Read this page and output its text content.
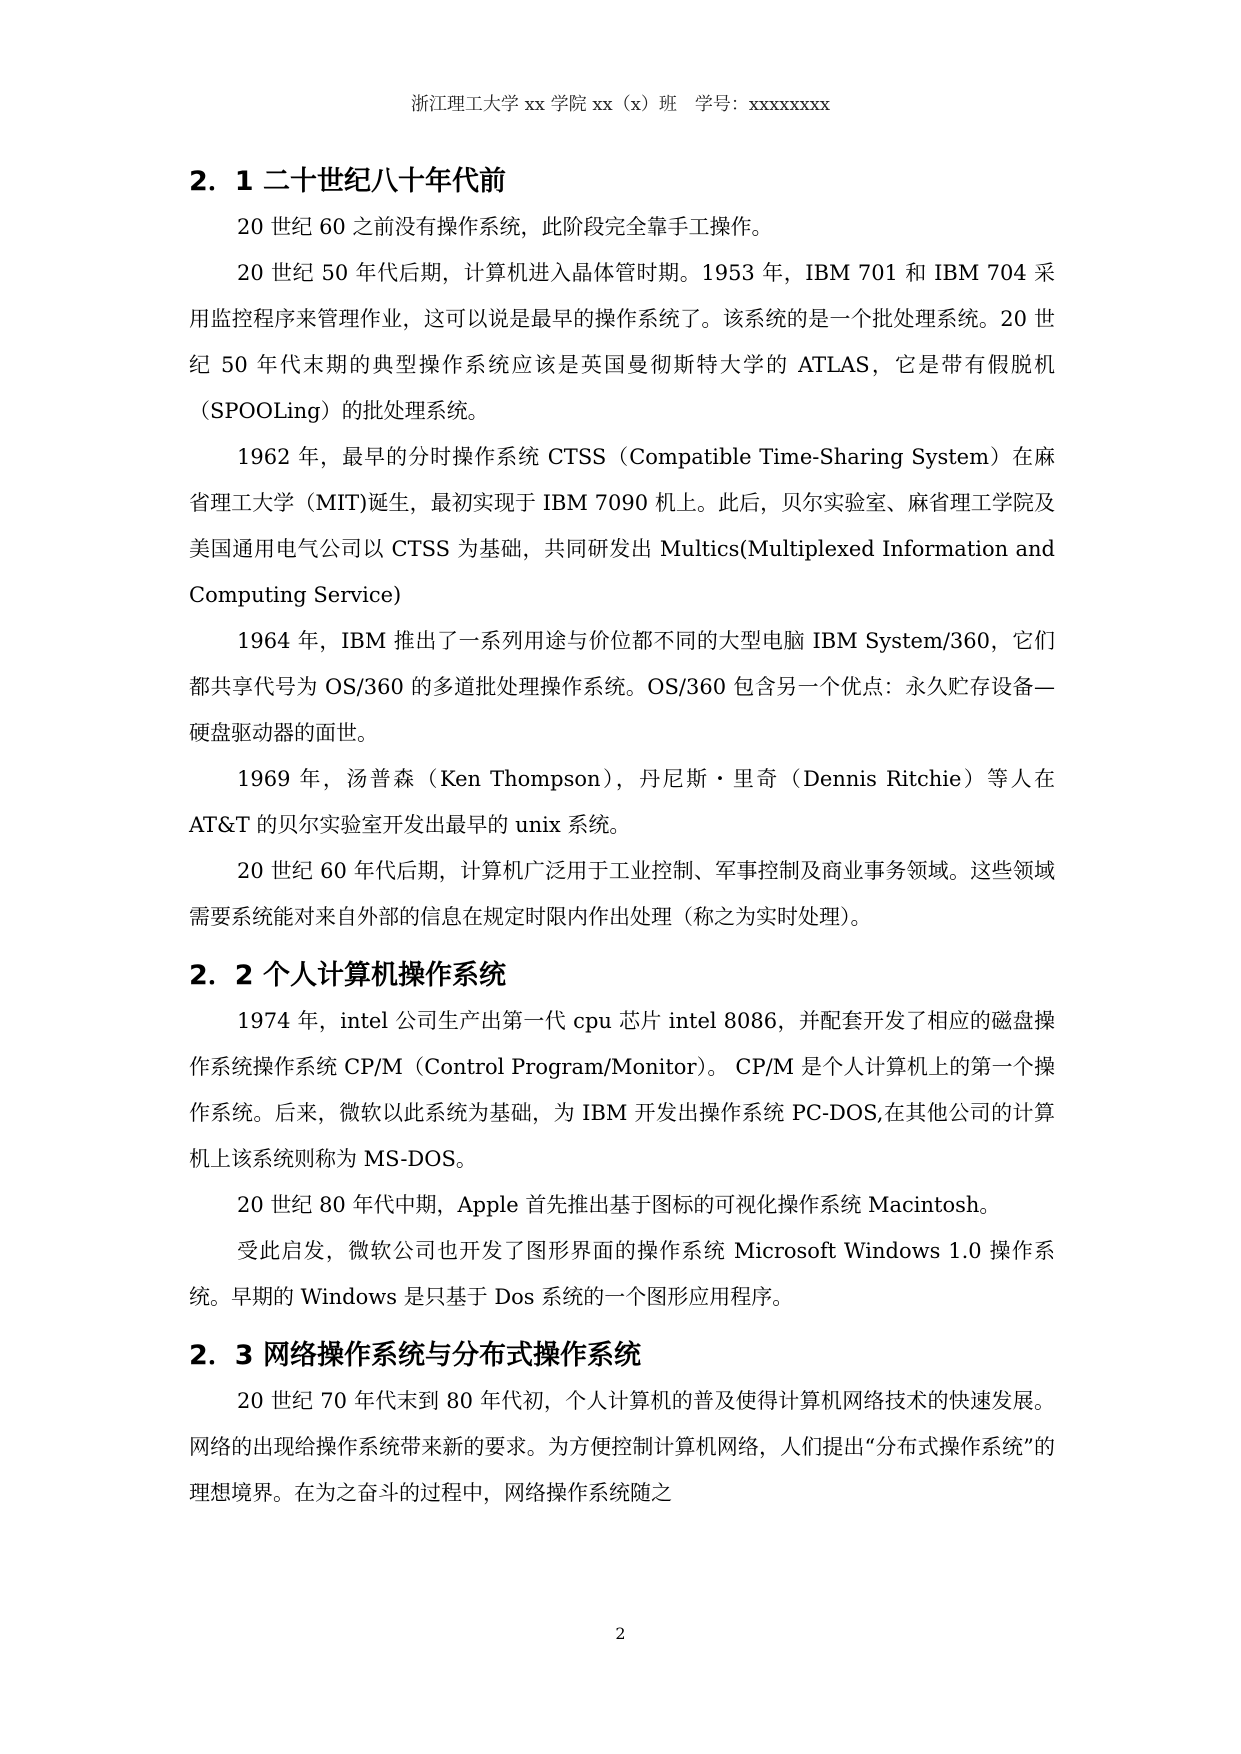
浙江理工大学 xx 学院 xx（x）班　学号：xxxxxxxx
2．1 二十世纪八十年代前

20 世纪 60 之前没有操作系统，此阶段完全靠手工操作。

20 世纪 50 年代后期，计算机进入晶体管时期。1953 年，IBM 701 和 IBM 704 采用监控程序来管理作业，这可以说是最早的操作系统了。该系统的是一个批处理系统。20 世纪 50 年代末期的典型操作系统应该是英国曼彻斯特大学的 ATLAS，它是带有假脱机（SPOOLing）的批处理系统。

1962 年，最早的分时操作系统 CTSS（Compatible Time-Sharing System）在麻省理工大学（MIT)诞生，最初实现于 IBM 7090 机上。此后，贝尔实验室、麻省理工学院及美国通用电气公司以 CTSS 为基础，共同研发出 Multics(Multiplexed Information and Computing Service)

1964 年，IBM 推出了一系列用途与价位都不同的大型电脑 IBM System/360，它们都共享代号为 OS/360 的多道批处理操作系统。OS/360 包含另一个优点：永久贮存设备—硬盘驱动器的面世。

1969 年，汤普森（Ken Thompson），丹尼斯・里奇（Dennis Ritchie）等人在 AT&T 的贝尔实验室开发出最早的 unix 系统。

20 世纪 60 年代后期，计算机广泛用于工业控制、军事控制及商业事务领域。这些领域需要系统能对来自外部的信息在规定时限内作出处理（称之为实时处理）。

2．2 个人计算机操作系统

1974 年，intel 公司生产出第一代 cpu 芯片 intel 8086，并配套开发了相应的磁盘操作系统操作系统 CP/M（Control Program/Monitor）。 CP/M 是个人计算机上的第一个操作系统。后来，微软以此系统为基础，为 IBM 开发出操作系统 PC-DOS,在其他公司的计算机上该系统则称为 MS-DOS。

20 世纪 80 年代中期，Apple 首先推出基于图标的可视化操作系统 Macintosh。

受此启发，微软公司也开发了图形界面的操作系统 Microsoft Windows 1.0 操作系统。早期的 Windows 是只基于 Dos 系统的一个图形应用程序。

2．3 网络操作系统与分布式操作系统

20 世纪 70 年代末到 80 年代初，个人计算机的普及使得计算机网络技术的快速发展。网络的出现给操作系统带来新的要求。为方便控制计算机网络，人们提出“分布式操作系统”的理想境界。在为之奋斗的过程中，网络操作系统随之

2
